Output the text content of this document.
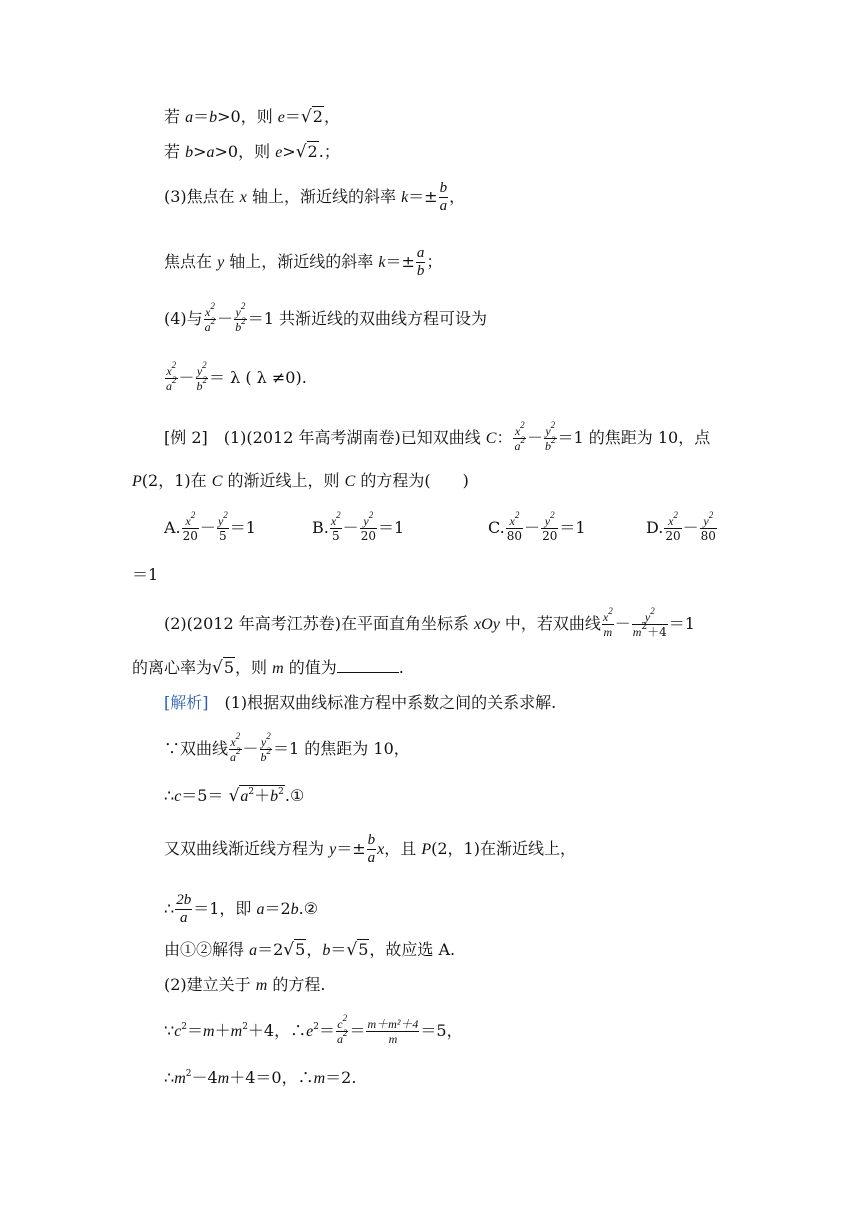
若 a＝b>0，则 e＝√2，
若 b>a>0，则 e>√2.；
(3)焦点在 x 轴上，渐近线的斜率 $k=\pm \frac{b}{a}$ ，
焦点在 y 轴上，渐近线的斜率 $k=\pm \frac{a}{b}$ ；
(4)与 $\frac{x^2}{a^2} - \frac{y^2}{b^2} =1$ 共渐近线的双曲线方程可设为
$\frac{x^2}{a^2} - \frac{y^2}{b^2} = \lambda$ ( λ ≠0).
[例 2]　(1)(2012 年高考湖南卷)已知双曲线 C： $\frac{x^2}{a^2} - \frac{y^2}{b^2} =1$ 的焦距为 10，点
P(2，1)在 C 的渐近线上，则 C 的方程为(　　)
A. $\frac{x^2}{20} - \frac{y^2}{5} =1$	B. $\frac{x^2}{5} - \frac{y^2}{20} =1$	C. $\frac{x^2}{80} - \frac{y^2}{20} =1$	D. $\frac{x^2}{20} - \frac{y^2}{80}$
＝1
(2)(2012 年高考江苏卷)在平面直角坐标系 xOy 中，若双曲线 $\frac{x^2}{m} - \frac{y^2}{m^2+4} =1$
的离心率为√5，则 m 的值为	.
[解析]　(1)根据双曲线标准方程中系数之间的关系求解.
∵双曲线 $\frac{x^2}{a^2} - \frac{y^2}{b^2} =1$ 的焦距为 10，
∴c＝5＝ $√a^2+b^2.①$
又双曲线渐近线方程为 $y=\pm \frac{b}{a}$ x，且 P(2，1)在渐近线上，
∴ $\frac{2b}{a} =1$，即 a＝2b.②
由①②解得 a＝2√5，b＝√5，故应选 A.
(2)建立关于 m 的方程.
$\because c^2=m+m^2+4$，$\therefore e^2= \frac{c^2}{a^2} = \frac{\text{m＋m²＋4}}{m} =5$，
$\therefore m^2-4m+4=0$，∴m＝2.
